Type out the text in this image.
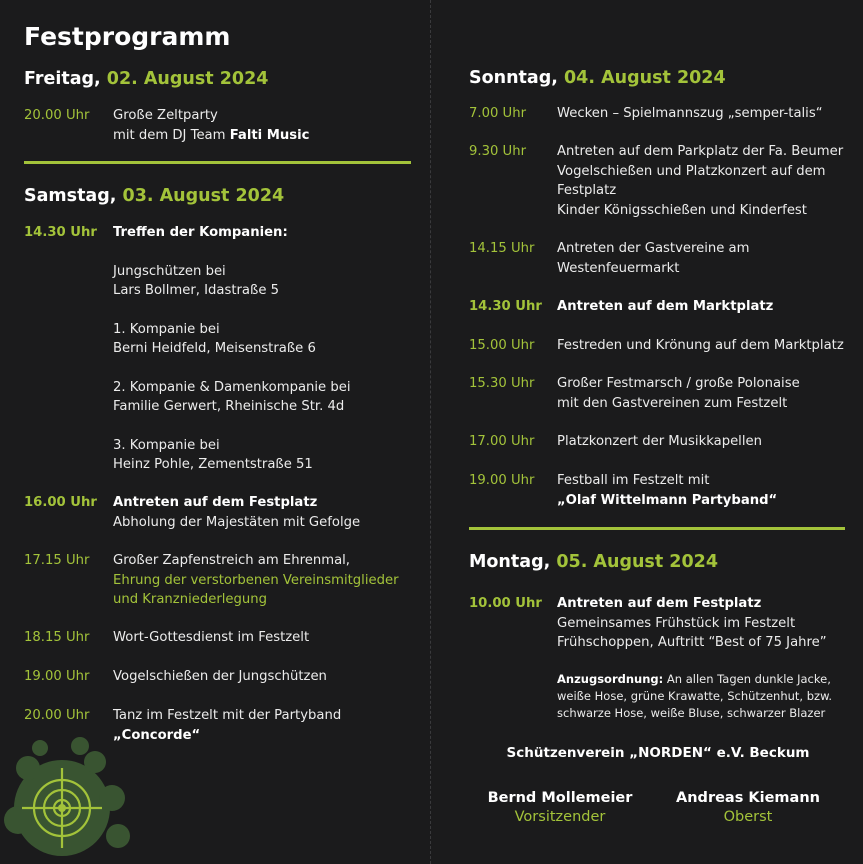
Festprogramm
Freitag, 02. August 2024
20.00 Uhr Große Zeltparty
mit dem DJ Team Falti Music
Samstag, 03. August 2024
14.30 Uhr Treffen der Kompanien:
Jungschützen bei
Lars Bollmer, Idastraße 5
1. Kompanie bei
Berni Heidfeld, Meisenstraße 6
2. Kompanie & Damenkompanie bei
Familie Gerwert, Rheinische Str. 4d
3. Kompanie bei
Heinz Pohle, Zementstraße 51
16.00 Uhr Antreten auf dem Festplatz
Abholung der Majestäten mit Gefolge
17.15 Uhr Großer Zapfenstreich am Ehrenmal,
Ehrung der verstorbenen Vereinsmitglieder
und Kranzniederlegung
18.15 Uhr Wort-Gottesdienst im Festzelt
19.00 Uhr Vogelschießen der Jungschützen
20.00 Uhr Tanz im Festzelt mit der Partyband
„Concorde“
Sonntag, 04. August 2024
7.00 Uhr Wecken – Spielmannszug „semper-talis“
9.30 Uhr Antreten auf dem Parkplatz der Fa. Beumer
Vogelschießen und Platzkonzert auf dem
Festplatz
Kinder Königsschießen und Kinderfest
14.15 Uhr Antreten der Gastvereine am
Westenfeuermarkt
14.30 Uhr Antreten auf dem Marktplatz
15.00 Uhr Festreden und Krönung auf dem Marktplatz
15.30 Uhr Großer Festmarsch / große Polonaise
mit den Gastvereinen zum Festzelt
17.00 Uhr Platzkonzert der Musikkapellen
19.00 Uhr Festball im Festzelt mit
„Olaf Wittelmann Partyband“
Montag, 05. August 2024
10.00 Uhr Antreten auf dem Festplatz
Gemeinsames Frühstück im Festzelt
Frühschoppen, Auftritt “Best of 75 Jahre”
Anzugsordnung: An allen Tagen dunkle Jacke,
weiße Hose, grüne Krawatte, Schützenhut, bzw.
schwarze Hose, weiße Bluse, schwarzer Blazer
Schützenverein „NORDEN“ e.V. Beckum
Bernd Mollemeier
Vorsitzender
Andreas Kiemann
Oberst
